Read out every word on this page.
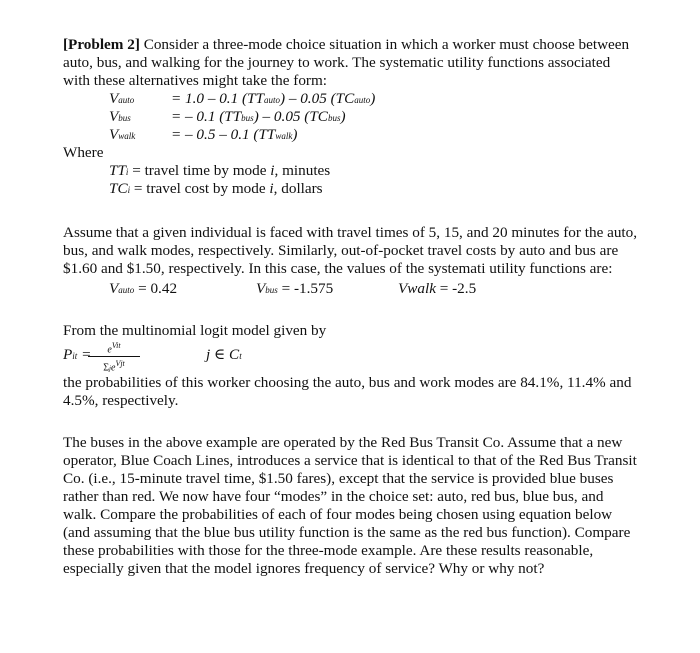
[Problem 2] Consider a three-mode choice situation in which a worker must choose between auto, bus, and walking for the journey to work. The systematic utility functions associated with these alternatives might take the form:

Vauto = 1.0 – 0.1 (TTauto) – 0.05 (TCauto)
Vbus	= – 0.1 (TTbus) – 0.05 (TCbus)
Vwalk = – 0.5 – 0.1 (TTwalk)
Where
TTi = travel time by mode i, minutes
TCi = travel cost by mode i, dollars

Assume that a given individual is faced with travel times of 5, 15, and 20 minutes for the auto, bus, and walk modes, respectively. Similarly, out-of-pocket travel costs by auto and bus are $1.60 and $1.50, respectively. In this case, the values of the systemati utility functions are:

Vauto = 0.42	Vbus = -1.575	Vwalk = -2.5

From the multinomial logit model given by

Pit =	$e^{Vit}$
Σje$^{Vjt}$
j ∈ Ct

the probabilities of this worker choosing the auto, bus and work modes are 84.1%, 11.4% and 4.5%, respectively.

The buses in the above example are operated by the Red Bus Transit Co. Assume that a new operator, Blue Coach Lines, introduces a service that is identical to that of the Red Bus Transit Co. (i.e., 15-minute travel time, $1.50 fares), except that the service is provided blue buses rather than red. We now have four “modes” in the choice set: auto, red bus, blue bus, and walk. Compare the probabilities of each of four modes being chosen using equation below (and assuming that the blue bus utility function is the same as the red bus function). Compare these probabilities with those for the three-mode example. Are these results reasonable, especially given that the model ignores frequency of service? Why or why not?
